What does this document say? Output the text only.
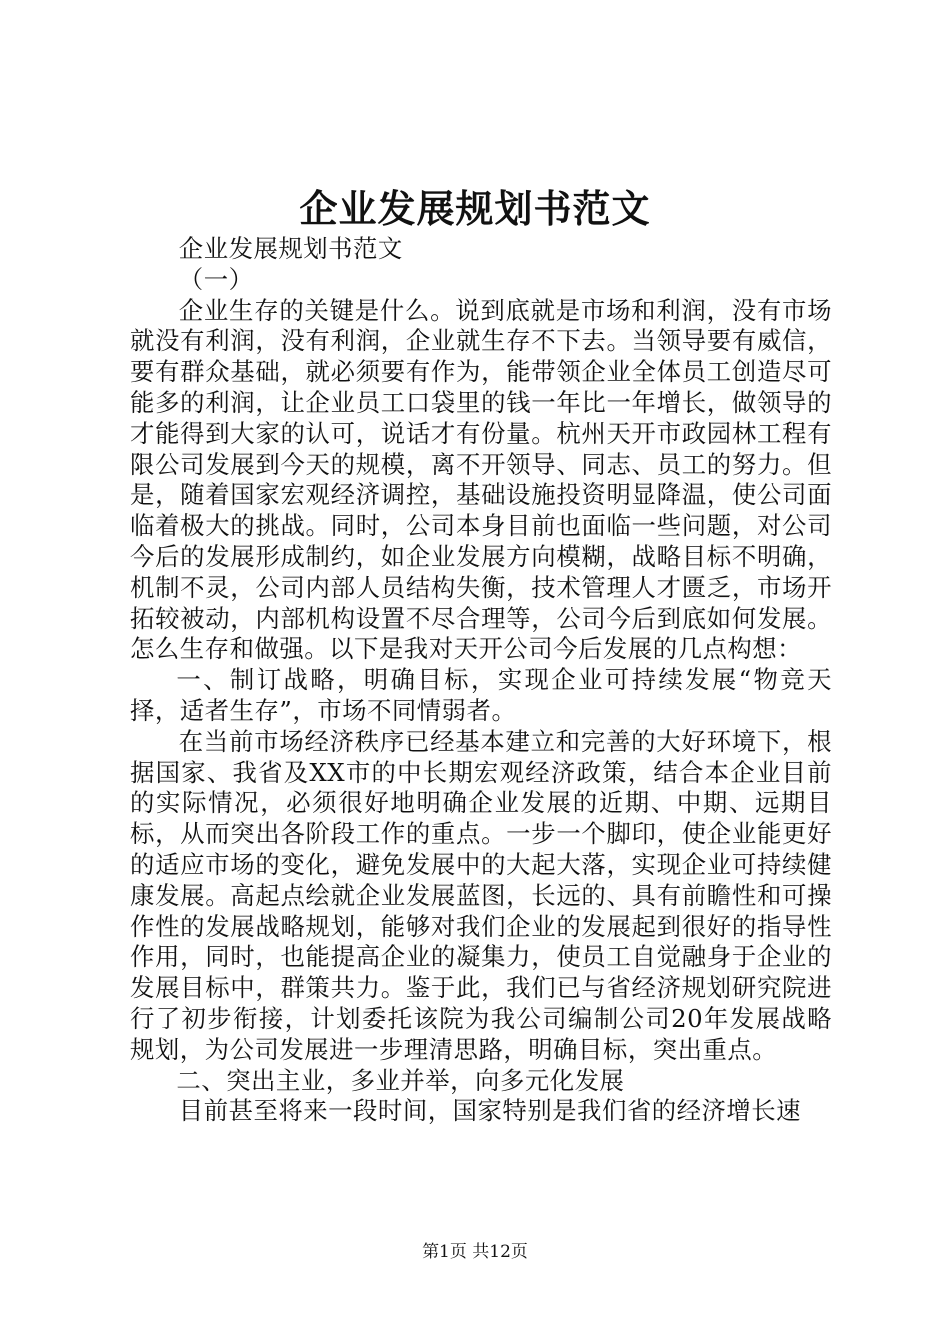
企业发展规划书范文

企业发展规划书范文

（一）

企业生存的关键是什么。说到底就是市场和利润，没有市场就没有利润，没有利润，企业就生存不下去。当领导要有威信，要有群众基础，就必须要有作为，能带领企业全体员工创造尽可能多的利润，让企业员工口袋里的钱一年比一年增长，做领导的才能得到大家的认可，说话才有份量。杭州天开市政园林工程有限公司发展到今天的规模，离不开领导、同志、员工的努力。但是，随着国家宏观经济调控，基础设施投资明显降温，使公司面临着极大的挑战。同时，公司本身目前也面临一些问题，对公司今后的发展形成制约，如企业发展方向模糊，战略目标不明确，机制不灵，公司内部人员结构失衡，技术管理人才匮乏，市场开拓较被动，内部机构设置不尽合理等，公司今后到底如何发展。怎么生存和做强。以下是我对天开公司今后发展的几点构想：

一、制订战略，明确目标，实现企业可持续发展“物竞天择，适者生存”，市场不同情弱者。

在当前市场经济秩序已经基本建立和完善的大好环境下，根据国家、我省及XX市的中长期宏观经济政策，结合本企业目前的实际情况，必须很好地明确企业发展的近期、中期、远期目标，从而突出各阶段工作的重点。一步一个脚印，使企业能更好的适应市场的变化，避免发展中的大起大落，实现企业可持续健康发展。高起点绘就企业发展蓝图，长远的、具有前瞻性和可操作性的发展战略规划，能够对我们企业的发展起到很好的指导性作用，同时，也能提高企业的凝集力，使员工自觉融身于企业的发展目标中，群策共力。鉴于此，我们已与省经济规划研究院进行了初步衔接，计划委托该院为我公司编制公司20年发展战略规划，为公司发展进一步理清思路，明确目标，突出重点。

二、突出主业，多业并举，向多元化发展

目前甚至将来一段时间，国家特别是我们省的经济增长速

第1页 共12页
